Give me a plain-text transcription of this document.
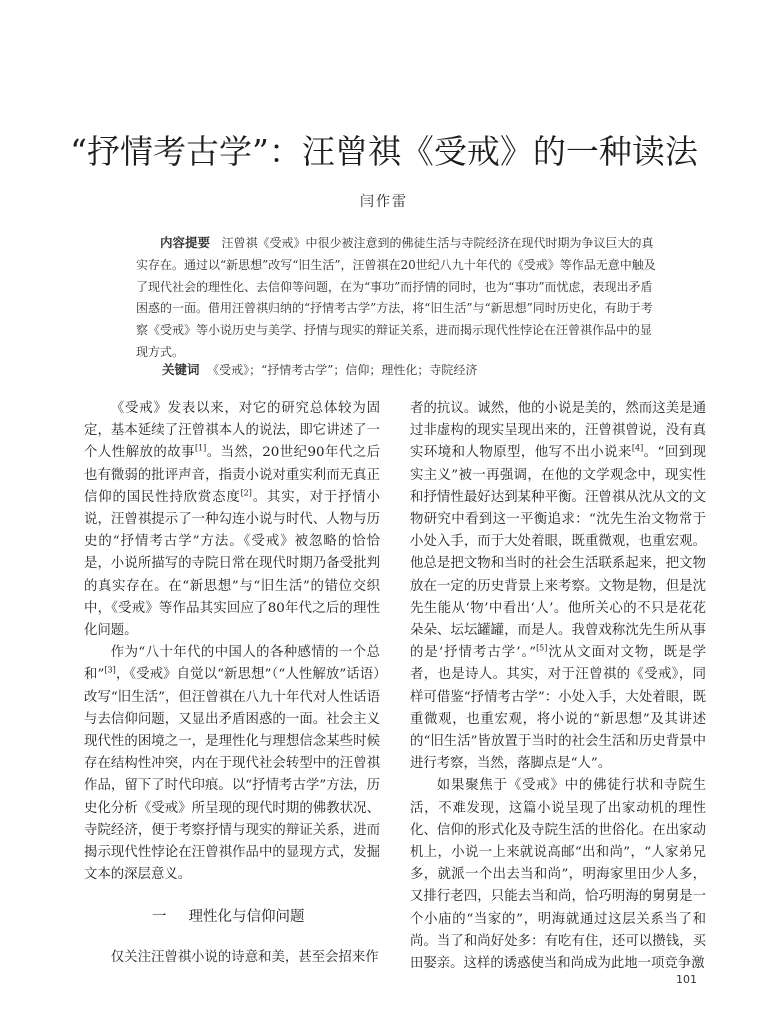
“抒情考古学”：汪曾祺《受戒》的一种读法
闫作雷

内容提要 汪曾祺《受戒》中很少被注意到的佛徒生活与寺院经济在现代时期为争议巨大的真实存在。通过以“新思想”改写“旧生活”，汪曾祺在20世纪八九十年代的《受戒》等作品无意中触及了现代社会的理性化、去信仰等问题，在为“事功”而抒情的同时，也为“事功”而忧虑，表现出矛盾困惑的一面。借用汪曾祺归纳的“抒情考古学”方法，将“旧生活”与“新思想”同时历史化，有助于考察《受戒》等小说历史与美学、抒情与现实的辩证关系，进而揭示现代性悖论在汪曾祺作品中的显现方式。

关键词 《受戒》；“抒情考古学”；信仰；理性化；寺院经济

《受戒》发表以来，对它的研究总体较为固定，基本延续了汪曾祺本人的说法，即它讲述了一个人性解放的故事[1]。当然，20世纪90年代之后也有微弱的批评声音，指责小说对重实利而无真正信仰的国民性持欣赏态度[2]。其实，对于抒情小说，汪曾祺提示了一种勾连小说与时代、人物与历史的“抒情考古学”方法。《受戒》被忽略的恰恰是，小说所描写的寺院日常在现代时期乃备受批判的真实存在。在“新思想”与“旧生活”的错位交织中，《受戒》等作品其实回应了80年代之后的理性化问题。

作为“八十年代的中国人的各种感情的一个总和”[3]，《受戒》自觉以“新思想”（“人性解放”话语）改写“旧生活”，但汪曾祺在八九十年代对人性话语与去信仰问题，又显出矛盾困惑的一面。社会主义现代性的困境之一，是理性化与理想信念某些时候存在结构性冲突，内在于现代社会转型中的汪曾祺作品，留下了时代印痕。以“抒情考古学”方法，历史化分析《受戒》所呈现的现代时期的佛教状况、寺院经济，便于考察抒情与现实的辩证关系，进而揭示现代性悖论在汪曾祺作品中的显现方式，发掘文本的深层意义。

一 理性化与信仰问题

仅关注汪曾祺小说的诗意和美，甚至会招来作

者的抗议。诚然，他的小说是美的，然而这美是通过非虚构的现实呈现出来的，汪曾祺曾说，没有真实环境和人物原型，他写不出小说来[4]。“回到现实主义”被一再强调，在他的文学观念中，现实性和抒情性最好达到某种平衡。汪曾祺从沈从文的文物研究中看到这一平衡追求：“沈先生治文物常于小处入手，而于大处着眼，既重微观，也重宏观。他总是把文物和当时的社会生活联系起来，把文物放在一定的历史背景上来考察。文物是物，但是沈先生能从‘物’中看出‘人’。他所关心的不只是花花朵朵、坛坛罐罐，而是人。我曾戏称沈先生所从事的是‘抒情考古学’。”[5]沈从文面对文物，既是学者，也是诗人。其实，对于汪曾祺的《受戒》，同样可借鉴“抒情考古学”：小处入手，大处着眼，既重微观，也重宏观，将小说的“新思想”及其讲述的“旧生活”皆放置于当时的社会生活和历史背景中进行考察，当然，落脚点是“人”。

如果聚焦于《受戒》中的佛徒行状和寺院生活，不难发现，这篇小说呈现了出家动机的理性化、信仰的形式化及寺院生活的世俗化。在出家动机上，小说一上来就说高邮“出和尚”，“人家弟兄多，就派一个出去当和尚”，明海家里田少人多，又排行老四，只能去当和尚，恰巧明海的舅舅是一个小庙的“当家的”，明海就通过这层关系当了和尚。当了和尚好处多：有吃有住，还可以攒钱，买田娶亲。这样的诱惑使当和尚成为此地一项竞争激

101
